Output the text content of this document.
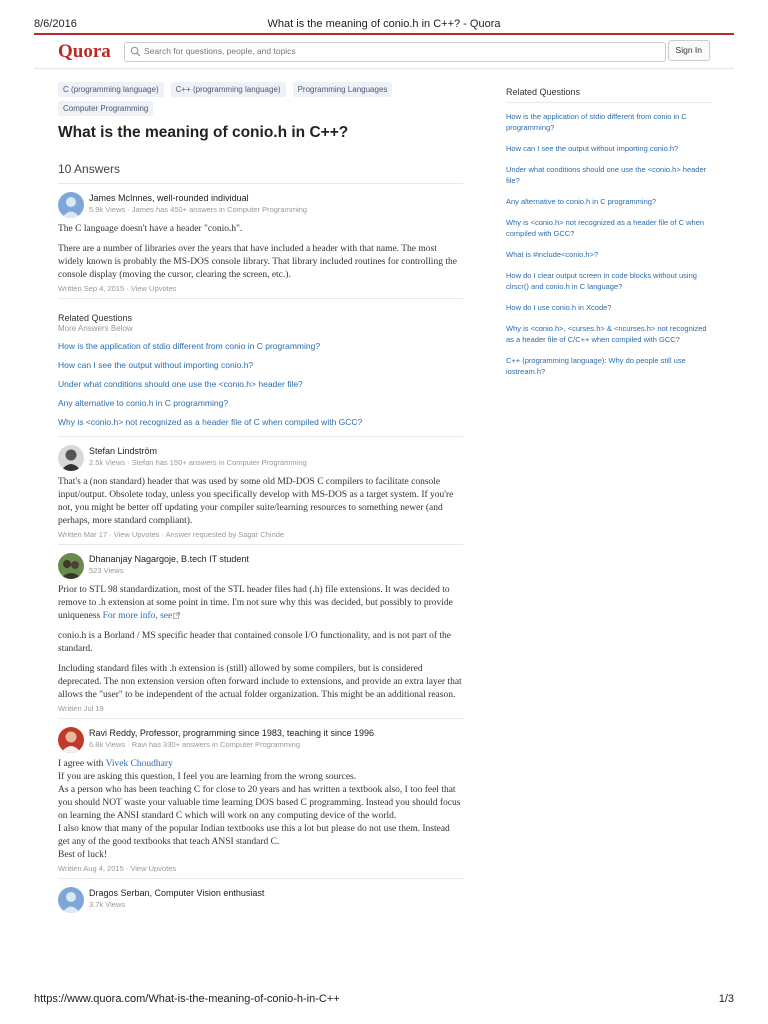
8/6/2016	What is the meaning of conio.h in C++? - Quora
Quora
Search for questions, people, and topics	Sign In
C (programming language)	C++ (programming language)	Programming Languages
Computer Programming
What is the meaning of conio.h in C++?
10 Answers
James McInnes, well-rounded individual
5.9k Views · James has 450+ answers in Computer Programming

The C language doesn't have a header "conio.h".

There are a number of libraries over the years that have included a header with that name. The most widely known is probably the MS-DOS console library. That library included routines for controlling the console display (moving the cursor, clearing the screen, etc.).

Written Sep 4, 2015 · View Upvotes
Related Questions
More Answers Below
How is the application of stdio different from conio in C programming?
How can I see the output without importing conio.h?
Under what conditions should one use the <conio.h> header file?
Any alternative to conio.h in C programming?
Why is <conio.h> not recognized as a header file of C when compiled with GCC?
Stefan Lindström
2.5k Views · Stefan has 150+ answers in Computer Programming

That's a (non standard) header that was used by some old MD-DOS C compilers to facilitate console input/output. Obsolete today, unless you specifically develop with MS-DOS as a target system. If you're not, you might be better off updating your compiler suite/learning resources to something newer (and perhaps, more standard compliant).

Written Mar 17 · View Upvotes · Answer requested by Sagar Chinde
Dhananjay Nagargoje, B.tech IT student
523 Views

Prior to STL 98 standardization, most of the STL header files had (.h) file extensions. It was decided to remove to .h extension at some point in time. I'm not sure why this was decided, but possibly to provide uniqueness For more info, see

conio.h is a Borland / MS specific header that contained console I/O functionality, and is not part of the standard.

Including standard files with .h extension is (still) allowed by some compilers, but is considered deprecated. The non extension version often forward include to extensions, and provide an extra layer that allows the "user" to be independent of the actual folder organization. This might be an additional reason.

Written Jul 19
Ravi Reddy, Professor, programming since 1983, teaching it since 1996
6.8k Views · Ravi has 330+ answers in Computer Programming
I agree with Vivek Choudhary
If you are asking this question, I feel you are learning from the wrong sources.
As a person who has been teaching C for close to 20 years and has written a textbook also, I too feel that you should NOT waste your valuable time learning DOS based C programming. Instead you should focus on learning the ANSI standard C which will work on any computing device of the world.
I also know that many of the popular Indian textbooks use this a lot but please do not use them. Instead get any of the good textbooks that teach ANSI standard C.
Best of luck!
Written Aug 4, 2015 · View Upvotes
Dragos Serban, Computer Vision enthusiast
3.7k Views
Related Questions
How is the application of stdio different from conio in C programming?
How can I see the output without importing conio.h?
Under what conditions should one use the <conio.h> header file?
Any alternative to conio.h in C programming?
Why is <conio.h> not recognized as a header file of C when compiled with GCC?
What is #include<conio.h>?
How do I clear output screen in code blocks without using clrscr() and conio.h in C language?
How do I use conio.h in Xcode?
Why is <conio.h>, <curses.h> & <ncurses.h> not recognized as a header file of C/C++ when compiled with GCC?
C++ (programming language): Why do people still use iostream.h?
https://www.quora.com/What-is-the-meaning-of-conio-h-in-C++	1/3
